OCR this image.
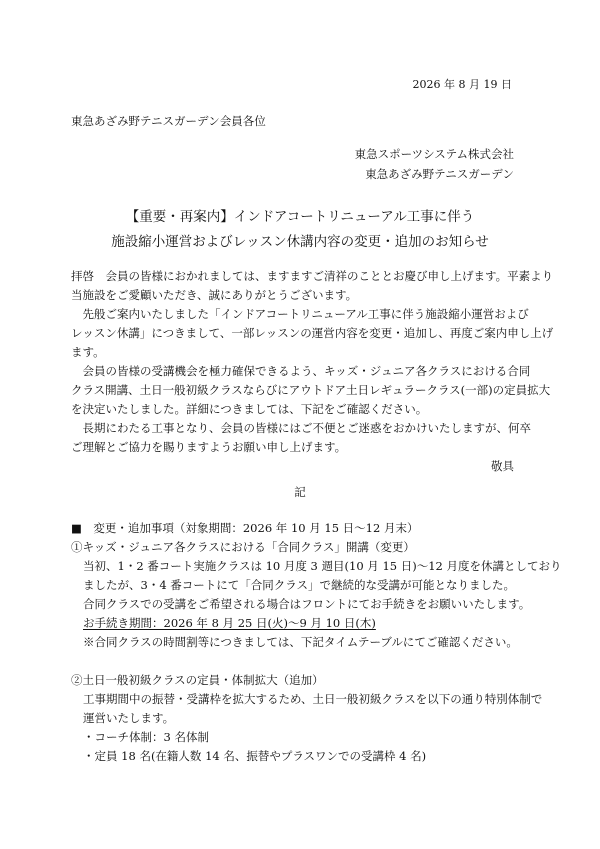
2026 年 8 月 19 日
東急あざみ野テニスガーデン会員各位
東急スポーツシステム株式会社
東急あざみ野テニスガーデン
【重要・再案内】インドアコートリニューアル工事に伴う
施設縮小運営およびレッスン休講内容の変更・追加のお知らせ
拝啓　会員の皆様におかれましては、ますますご清祥のこととお慶び申し上げます。平素より
当施設をご愛顧いただき、誠にありがとうございます。
　先般ご案内いたしました「インドアコートリニューアル工事に伴う施設縮小運営および
レッスン休講」につきまして、一部レッスンの運営内容を変更・追加し、再度ご案内申し上げ
ます。
　会員の皆様の受講機会を極力確保できるよう、キッズ・ジュニア各クラスにおける合同
クラス開講、土日一般初級クラスならびにアウトドア土日レギュラークラス(一部)の定員拡大
を決定いたしました。詳細につきましては、下記をご確認ください。
　長期にわたる工事となり、会員の皆様にはご不便とご迷惑をおかけいたしますが、何卒
ご理解とご協力を賜りますようお願い申し上げます。
敬具
記
■　変更・追加事項（対象期間：2026 年 10 月 15 日～12 月末）
①キッズ・ジュニア各クラスにおける「合同クラス」開講（変更）
当初、1・2 番コート実施クラスは 10 月度 3 週目(10 月 15 日)～12 月度を休講としており
ましたが、3・4 番コートにて「合同クラス」で継続的な受講が可能となりました。
合同クラスでの受講をご希望される場合はフロントにてお手続きをお願いいたします。
お手続き期間：2026 年 8 月 25 日(火)～9 月 10 日(木)
※合同クラスの時間割等につきましては、下記タイムテーブルにてご確認ください。
②土日一般初級クラスの定員・体制拡大（追加）
工事期間中の振替・受講枠を拡大するため、土日一般初級クラスを以下の通り特別体制で
運営いたします。
・コーチ体制：3 名体制
・定員 18 名(在籍人数 14 名、振替やプラスワンでの受講枠 4 名)
